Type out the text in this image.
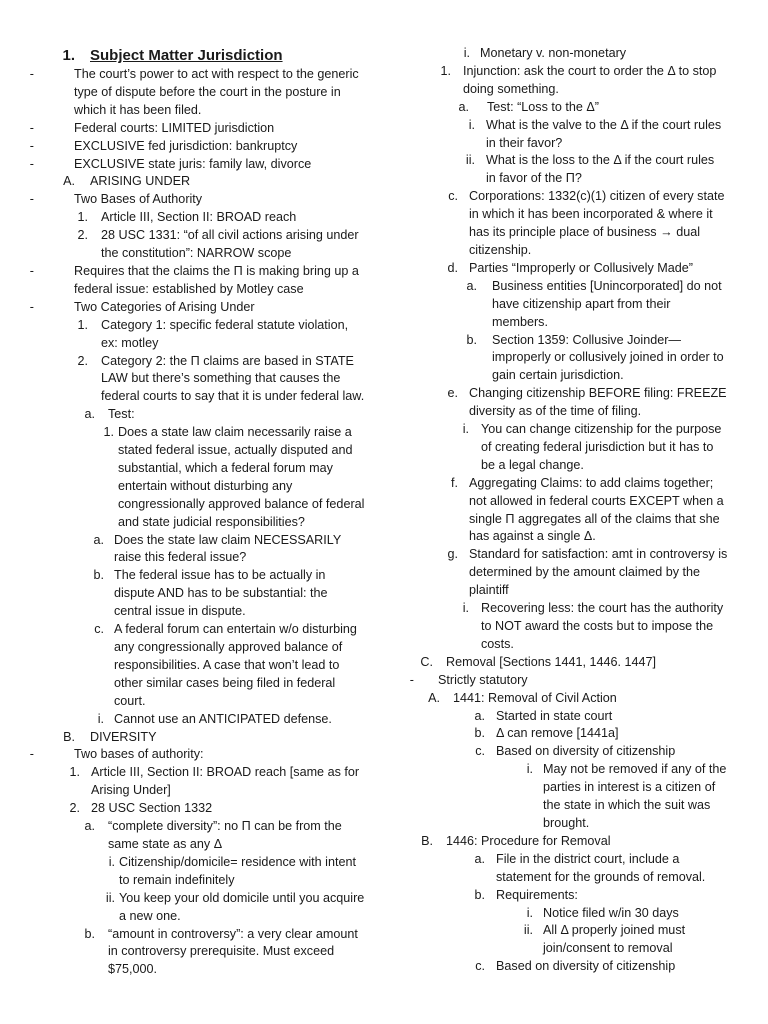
1. Subject Matter Jurisdiction
-	The court’s power to act with respect to the generic
type of dispute before the court in the posture in
which it has been filed.
-	Federal courts: LIMITED jurisdiction
-	EXCLUSIVE fed jurisdiction: bankruptcy
-	EXCLUSIVE state juris: family law, divorce
A. ARISING UNDER
-	Two Bases of Authority
1. Article III, Section II: BROAD reach
2. 28 USC 1331: “of all civil actions arising under
the constitution”: NARROW scope
-	Requires that the claims the Π is making bring up a
federal issue: established by Motley case
-	Two Categories of Arising Under
1. Category 1: specific federal statute violation,
ex: motley
2. Category 2: the Π claims are based in STATE
LAW but there’s something that causes the
federal courts to say that it is under federal law.
a. Test:
1. Does a state law claim necessarily raise a
stated federal issue, actually disputed and
substantial, which a federal forum may
entertain without disturbing any
congressionally approved balance of federal
and state judicial responsibilities?
a. Does the state law claim NECESSARILY
raise this federal issue?
b. The federal issue has to be actually in
dispute AND has to be substantial: the
central issue in dispute.
c. A federal forum can entertain w/o disturbing
any congressionally approved balance of
responsibilities. A case that won’t lead to
other similar cases being filed in federal
court.
i. Cannot use an ANTICIPATED defense.
B. DIVERSITY
-	Two bases of authority:
1. Article III, Section II: BROAD reach [same as for
Arising Under]
2. 28 USC Section 1332
a. “complete diversity”: no Π can be from the
same state as any Δ
i. Citizenship/domicile= residence with intent
to remain indefinitely
ii. You keep your old domicile until you acquire
a new one.
b. “amount in controversy”: a very clear amount
in controversy prerequisite. Must exceed
$75,000.
i. Monetary v. non-monetary
1. Injunction: ask the court to order the Δ to stop
doing something.
a. Test: “Loss to the Δ”
i. What is the valve to the Δ if the court rules
in their favor?
ii. What is the loss to the Δ if the court rules
in favor of the Π?
c. Corporations: 1332(c)(1) citizen of every state
in which it has been incorporated & where it
has its principle place of business → dual
citizenship.
d. Parties “Improperly or Collusively Made”
a. Business entities [Unincorporated] do not
have citizenship apart from their
members.
b. Section 1359: Collusive Joinder—
improperly or collusively joined in order to
gain certain jurisdiction.
e. Changing citizenship BEFORE filing: FREEZE
diversity as of the time of filing.
i. You can change citizenship for the purpose
of creating federal jurisdiction but it has to
be a legal change.
f. Aggregating Claims: to add claims together;
not allowed in federal courts EXCEPT when a
single Π aggregates all of the claims that she
has against a single Δ.
g. Standard for satisfaction: amt in controversy is
determined by the amount claimed by the
plaintiff
i. Recovering less: the court has the authority
to NOT award the costs but to impose the
costs.
C. Removal [Sections 1441, 1446. 1447]
- Strictly statutory
A. 1441: Removal of Civil Action
a. Started in state court
b. Δ can remove [1441a]
c. Based on diversity of citizenship
i. May not be removed if any of the
parties in interest is a citizen of
the state in which the suit was
brought.
B. 1446: Procedure for Removal
a. File in the district court, include a
statement for the grounds of removal.
b. Requirements:
i. Notice filed w/in 30 days
ii. All Δ properly joined must
join/consent to removal
c. Based on diversity of citizenship
